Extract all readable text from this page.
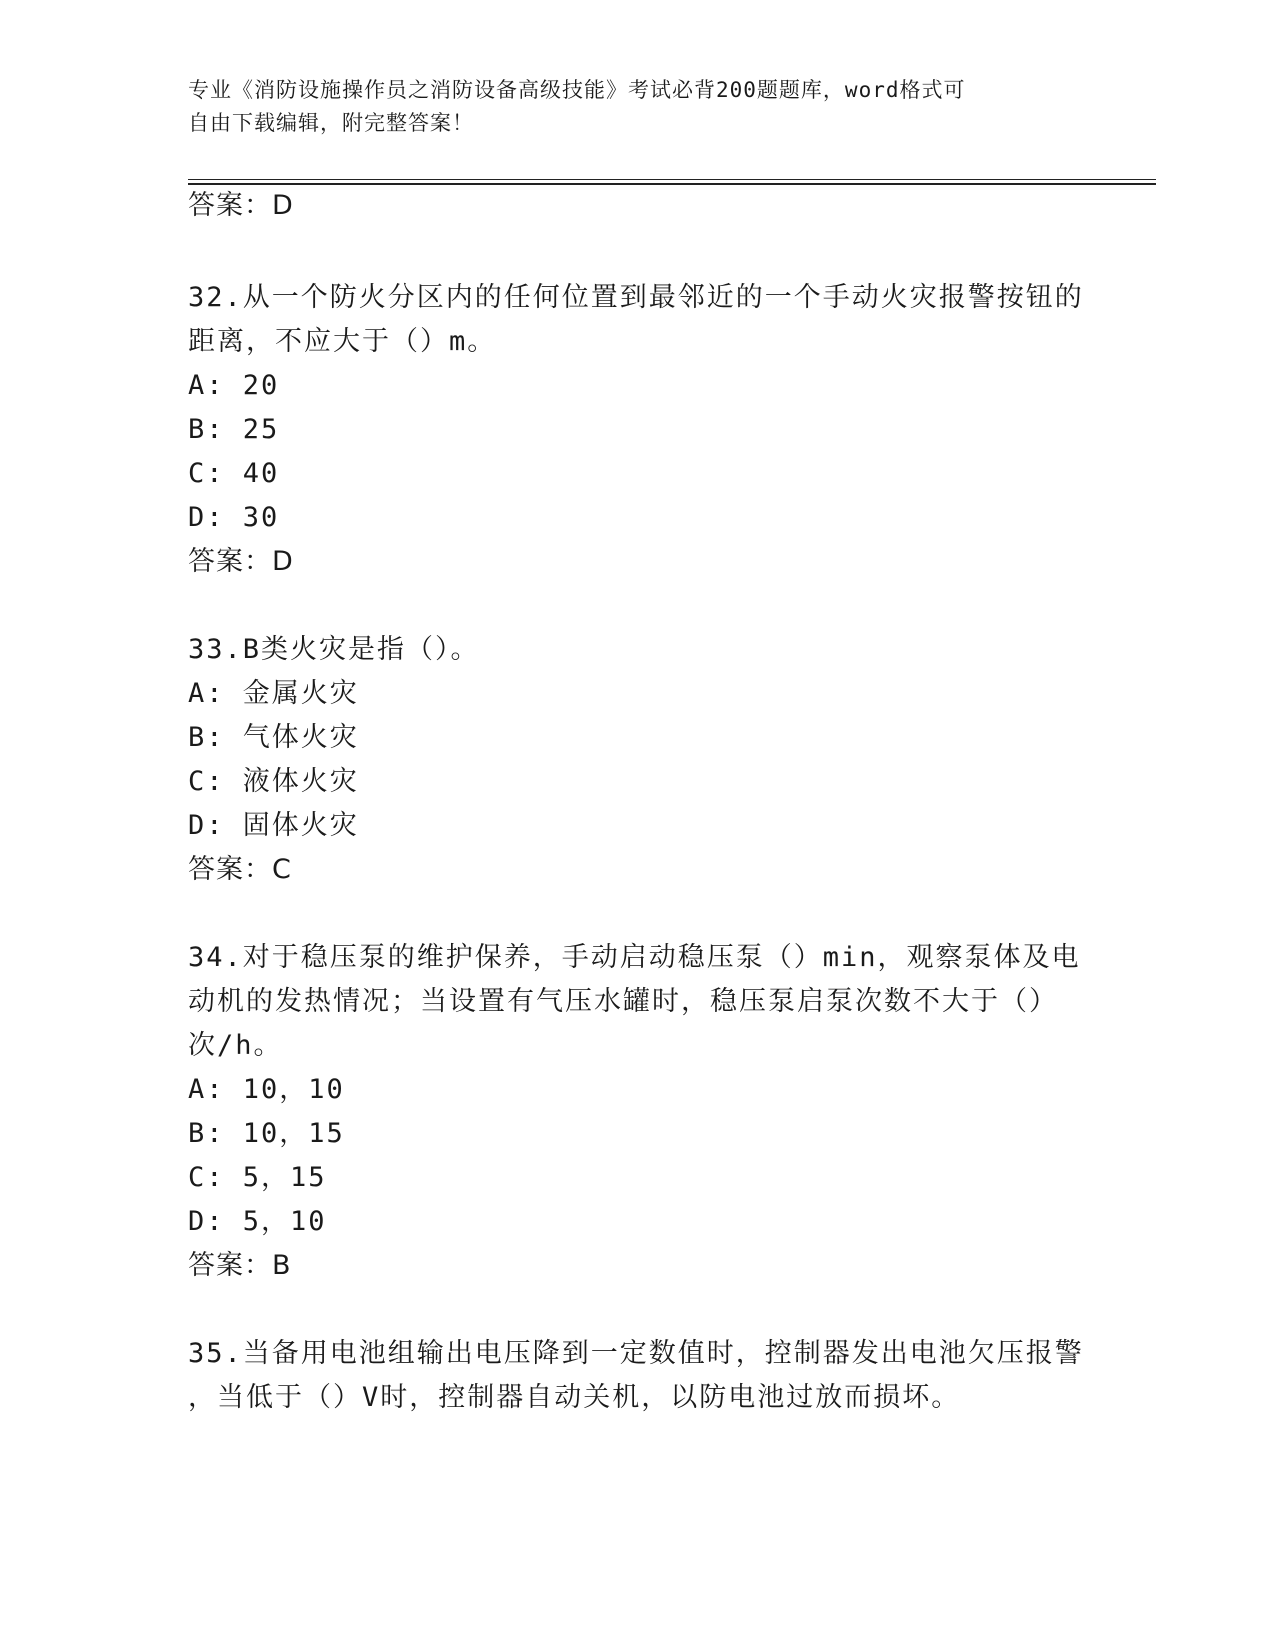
专业《消防设施操作员之消防设备高级技能》考试必背200题题库，word格式可
自由下载编辑，附完整答案！
答案：D
32.从一个防火分区内的任何位置到最邻近的一个手动火灾报警按钮的
距离，不应大于（）m。
A: 20
B: 25
C: 40
D: 30
答案：D
33.B类火灾是指（）。
A: 金属火灾
B: 气体火灾
C: 液体火灾
D: 固体火灾
答案：C
34.对于稳压泵的维护保养，手动启动稳压泵（）min，观察泵体及电
动机的发热情况；当设置有气压水罐时，稳压泵启泵次数不大于（）
次/h。
A: 10，10
B: 10，15
C: 5，15
D: 5，10
答案：B
35.当备用电池组输出电压降到一定数值时，控制器发出电池欠压报警
，当低于（）V时，控制器自动关机，以防电池过放而损坏。
